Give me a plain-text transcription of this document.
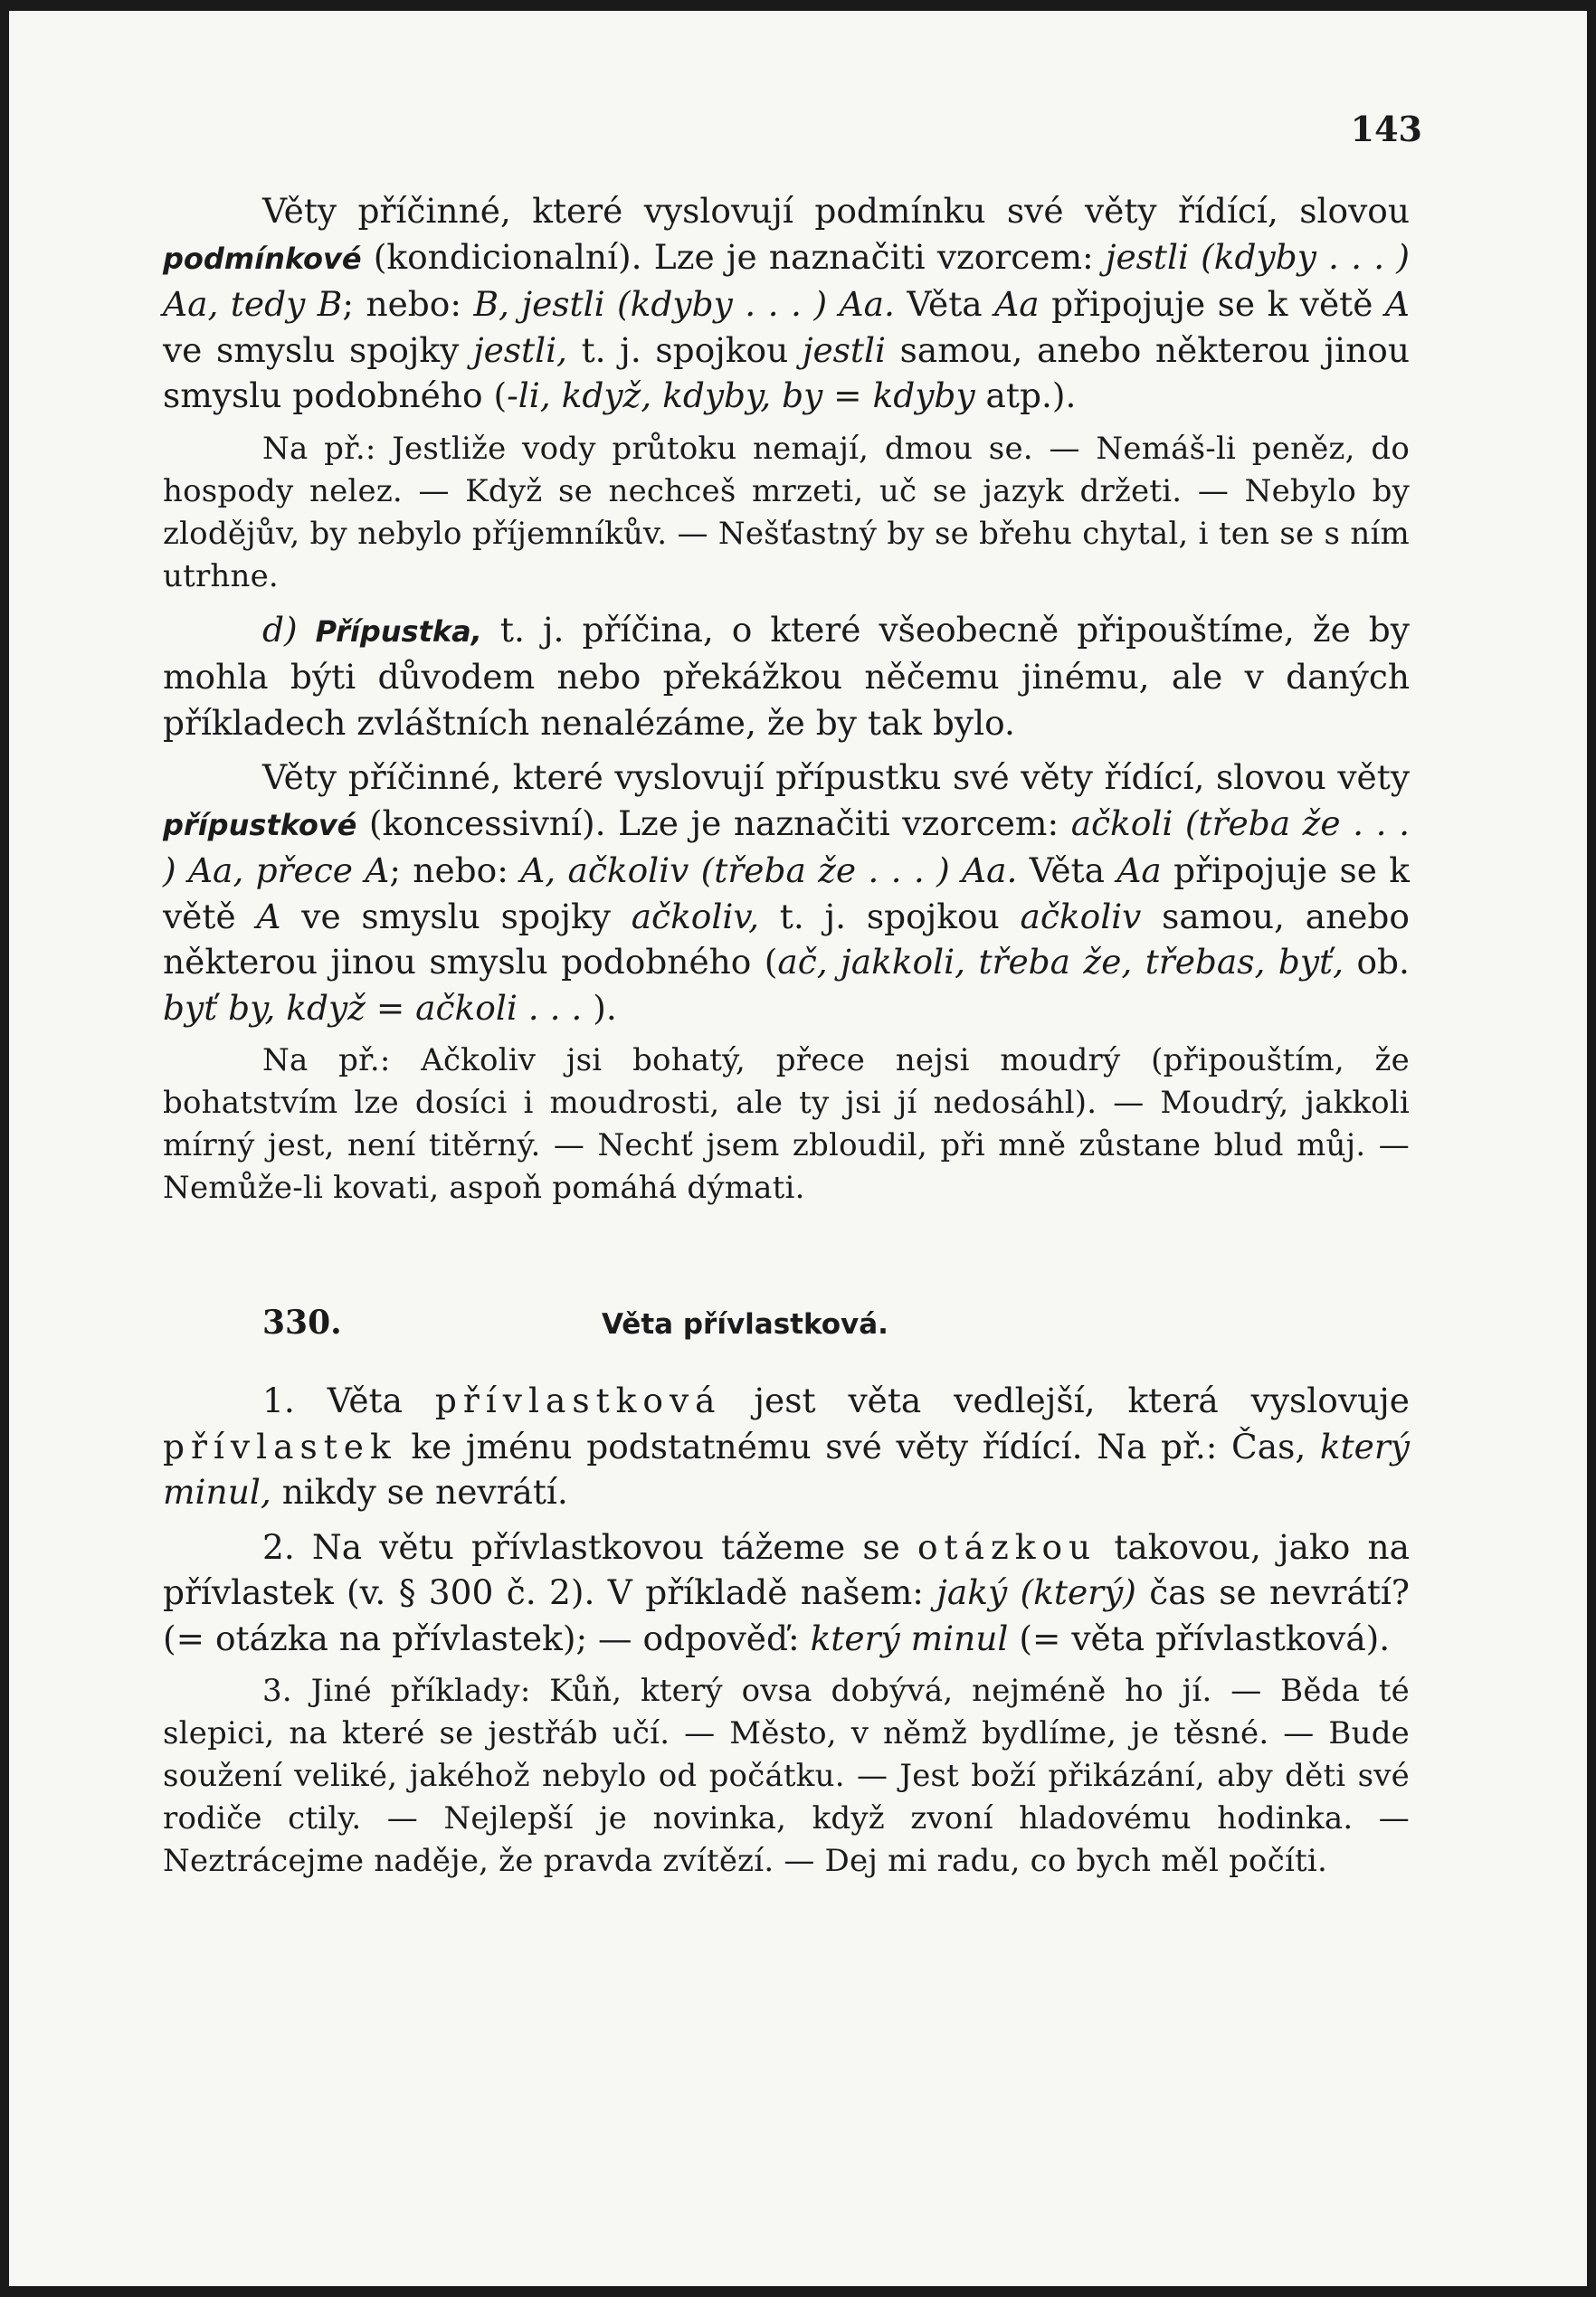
143

Věty příčinné, které vyslovují podmínku své věty řídící, slovou podmínkové (kondicionalní). Lze je naznačiti vzorcem: jestli (kdyby . . . ) Aa, tedy B; nebo: B, jestli (kdyby . . . ) Aa. Věta Aa připojuje se k větě A ve smyslu spojky jestli, t. j. spojkou jestli samou, anebo některou jinou smyslu podobného (-li, když, kdyby, by = kdyby atp.).

Na př.: Jestliže vody průtoku nemají, dmou se. — Nemáš-li peněz, do hospody nelez. — Když se nechceš mrzeti, uč se jazyk držeti. — Nebylo by zlodějův, by nebylo příjemníkův. — Nešťastný by se břehu chytal, i ten se s ním utrhne.

d) Přípustka, t. j. příčina, o které všeobecně připouštíme, že by mohla býti důvodem nebo překážkou něčemu jinému, ale v daných příkladech zvláštních nenalézáme, že by tak bylo.

Věty příčinné, které vyslovují přípustku své věty řídící, slovou věty přípustkové (koncessivní). Lze je naznačiti vzorcem: ačkoli (třeba že . . . ) Aa, přece A; nebo: A, ačkoliv (třeba že . . . ) Aa. Věta Aa připojuje se k větě A ve smyslu spojky ačkoliv, t. j. spojkou ačkoliv samou, anebo některou jinou smyslu podobného (ač, jakkoli, třeba že, třebas, byť, ob. byť by, když = ačkoli . . . ).

Na př.: Ačkoliv jsi bohatý, přece nejsi moudrý (připouštím, že bohatstvím lze dosíci i moudrosti, ale ty jsi jí nedosáhl). — Moudrý, jakkoli mírný jest, není titěrný. — Nechť jsem zbloudil, při mně zůstane blud můj. — Nemůže-li kovati, aspoň pomáhá dýmati.

330.	Věta přívlastková.

1. Věta přívlastková jest věta vedlejší, která vyslovuje přívlastek ke jménu podstatnému své věty řídící. Na př.: Čas, který minul, nikdy se nevrátí.

2. Na větu přívlastkovou tážeme se otázkou takovou, jako na přívlastek (v. § 300 č. 2). V příkladě našem: jaký (který) čas se nevrátí? (= otázka na přívlastek); — odpověď: který minul (= věta přívlastková).

3. Jiné příklady: Kůň, který ovsa dobývá, nejméně ho jí. — Běda té slepici, na které se jestřáb učí. — Město, v němž bydlíme, je těsné. — Bude soužení veliké, jakéhož nebylo od počátku. — Jest boží přikázání, aby děti své rodiče ctily. — Nejlepší je novinka, když zvoní hladovému hodinka. — Neztrácejme naděje, že pravda zvítězí. — Dej mi radu, co bych měl počíti.
